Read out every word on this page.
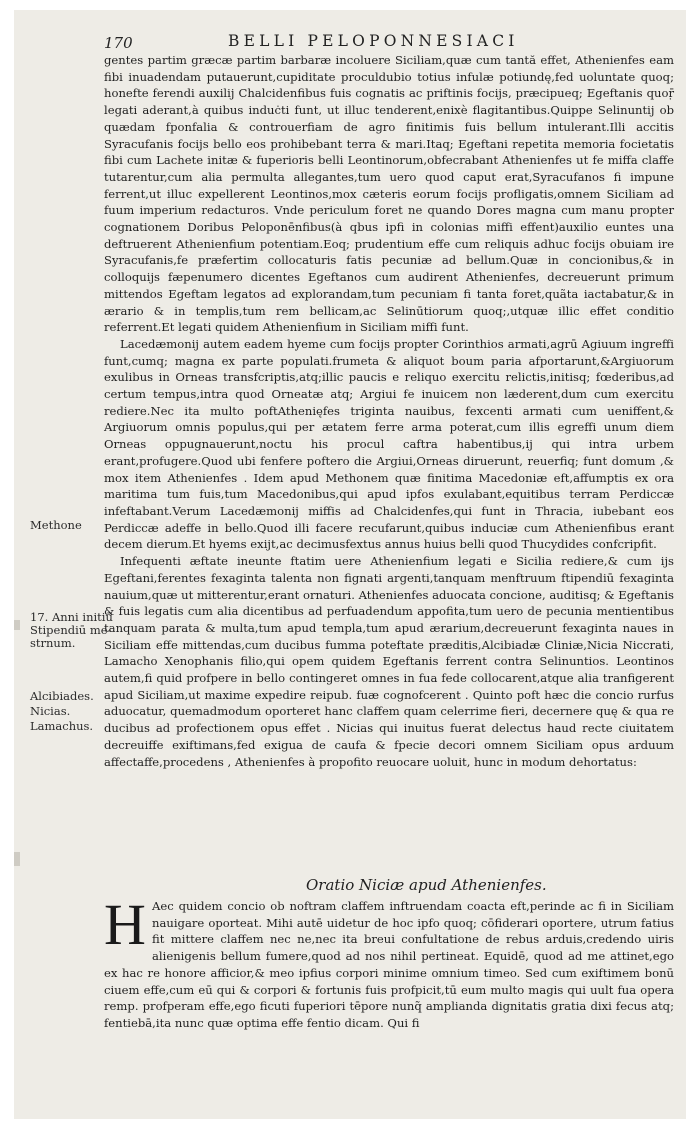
170	BELLI PELOPONNESIACI
Methone
17. Anni initiū
Stipendiū me-
strnum.
Alcibiades.
Nicias.
Lamachus.

gentes partim græcæ partim barbaræ incoluere Siciliam,quæ cum tantă effet, Athenienfes eam fibi inuadendam putauerunt,cupiditate proculdubio totius infulæ potiundę,fed uoluntate quoq; honefte ferendi auxilij Chalcidenfibus fuis cognatis ac priftinis focijs, præcipueq; Egeftanis quoṝ legati aderant,à quibus induċti funt, ut illuc tenderent,enixè flagitantibus.Quippe Selinuntij ob quædam fponfalia & controuerfiam de agro finitimis fuis bellum intulerant.Illi accitis Syracufanis focijs bello eos prohibebant terra & mari.Itaq; Egeftani repetita memoria focietatis fibi cum Lachete initæ & fuperioris belli Leontinorum,obfecrabant Athenienfes ut fe miffa claffe tutarentur,cum alia permulta allegantes,tum uero quod caput erat,Syracufanos fi impune ferrent,ut illuc expellerent Leontinos,mox cæteris eorum focijs profligatis,omnem Siciliam ad fuum imperium redacturos. Vnde periculum foret ne quando Dores magna cum manu propter cognationem Doribus Peloponēnfibus(à qbus ipfi in colonias miffi effent)auxilio euntes una deftruerent Athenienfium potentiam.Eoq; prudentium effe cum reliquis adhuc focijs obuiam ire Syracufanis,fe præfertim collocaturis fatis pecuniæ ad bellum.Quæ in concionibus,& in colloquijs fæpenumero dicentes Egeftanos cum audirent Athenienfes, decreuerunt primum mittendos Egeftam legatos ad explorandam,tum pecuniam fi tanta foret,quãta iactabatur,& in ærario & in templis,tum rem bellicam,ac Selinūtiorum quoq;,utquæ illic effet conditio referrent.Et legati quidem Athenienfium in Siciliam miffi funt.

Lacedæmonij autem eadem hyeme cum focijs propter Corinthios armati,agrū Agiuum ingreffi funt,cumq; magna ex parte populati.frumeta & aliquot boum paria afportarunt,&Argiuorum exulibus in Orneas transfcriptis,atq;illic paucis e reliquo exercitu relictis,initisq; fœderibus,ad certum tempus,intra quod Orneatæ atq; Argiui fe inuicem non læderent,dum cum exercitu rediere.Nec ita multo poftAthenięfes triginta nauibus, fexcenti armati cum ueniffent,& Argiuorum omnis populus,qui per ætatem ferre arma poterat,cum illis egreffi unum diem Orneas oppugnauerunt,noctu his procul caftra habentibus,ij qui intra urbem erant,profugere.Quod ubi fenfere poftero die Argiui,Orneas diruerunt, reuerfiq; funt domum ,& mox item Athenienfes . Idem apud Methonem quæ finitima Macedoniæ eft,affumptis ex ora maritima tum fuis,tum Macedonibus,qui apud ipfos exulabant,equitibus terram Perdiccæ infeftabant.Verum Lacedæmonij miffis ad Chalcidenfes,qui funt in Thracia, iubebant eos Perdiccæ adeffe in bello.Quod illi facere recufarunt,quibus induciæ cum Athenienfibus erant decem dierum.Et hyems exijt,ac decimusfextus annus huius belli quod Thucydides confcripfit.

Infequenti æftate ineunte ftatim uere Athenienfium legati e Sicilia rediere,& cum ijs Egeftani,ferentes fexaginta talenta non fignati argenti,tanquam menftruum ftipendiū fexaginta nauium,quæ ut mitterentur,erant ornaturi. Athenienfes aduocata concione, auditisq; & Egeftanis & fuis legatis cum alia dicentibus ad perfuadendum appofita,tum uero de pecunia mentientibus tanquam parata & multa,tum apud templa,tum apud ærarium,decreuerunt fexaginta naues in Siciliam effe mittendas,cum ducibus fumma poteftate præditis,Alcibiadæ Cliniæ,Nicia Niccrati, Lamacho Xenophanis filio,qui opem quidem Egeftanis ferrent contra Selinuntios. Leontinos autem,fi quid profpere in bello contingeret omnes in fua fede collocarent,atque alia tranfigerent apud Siciliam,ut maxime expedire reipub. fuæ cognofcerent . Quinto poft hæc die concio rurfus aduocatur, quemadmodum oporteret hanc claffem quam celerrime fieri, decernere quę & qua re ducibus ad profectionem opus effet . Nicias qui inuitus fuerat delectus haud recte ciuitatem decreuiffe exiftimans,fed exigua de caufa & fpecie decori omnem Siciliam opus arduum affectaffe,procedens , Athenienfes à propofito reuocare uoluit, hunc in modum dehortatus:

Oratio Niciæ apud Athenienfes.
H Aec quidem concio ob noftram claffem inftruendam coacta eft,perinde ac fi in Siciliam nauigare oporteat. Mihi autē uidetur de hoc ipfo quoq; cōfiderari oportere, utrum fatius fit mittere claffem nec ne,nec ita breui confultatione de rebus arduis,credendo uiris alienigenis bellum fumere,quod ad nos nihil pertineat. Equidē, quod ad me attinet,ego ex hac re honore afficior,& meo ipfius corpori minime omnium timeo. Sed cum exiftimem bonū ciuem effe,cum eū qui & corpori & fortunis fuis profpicit,tū eum multo magis qui uult fua opera remp. profperam effe,ego ficuti fuperiori tēpore nunq̃ amplianda dignitatis gratia dixi fecus atq; fentiebā,ita nunc quæ optima effe fentio dicam. Qui fi
